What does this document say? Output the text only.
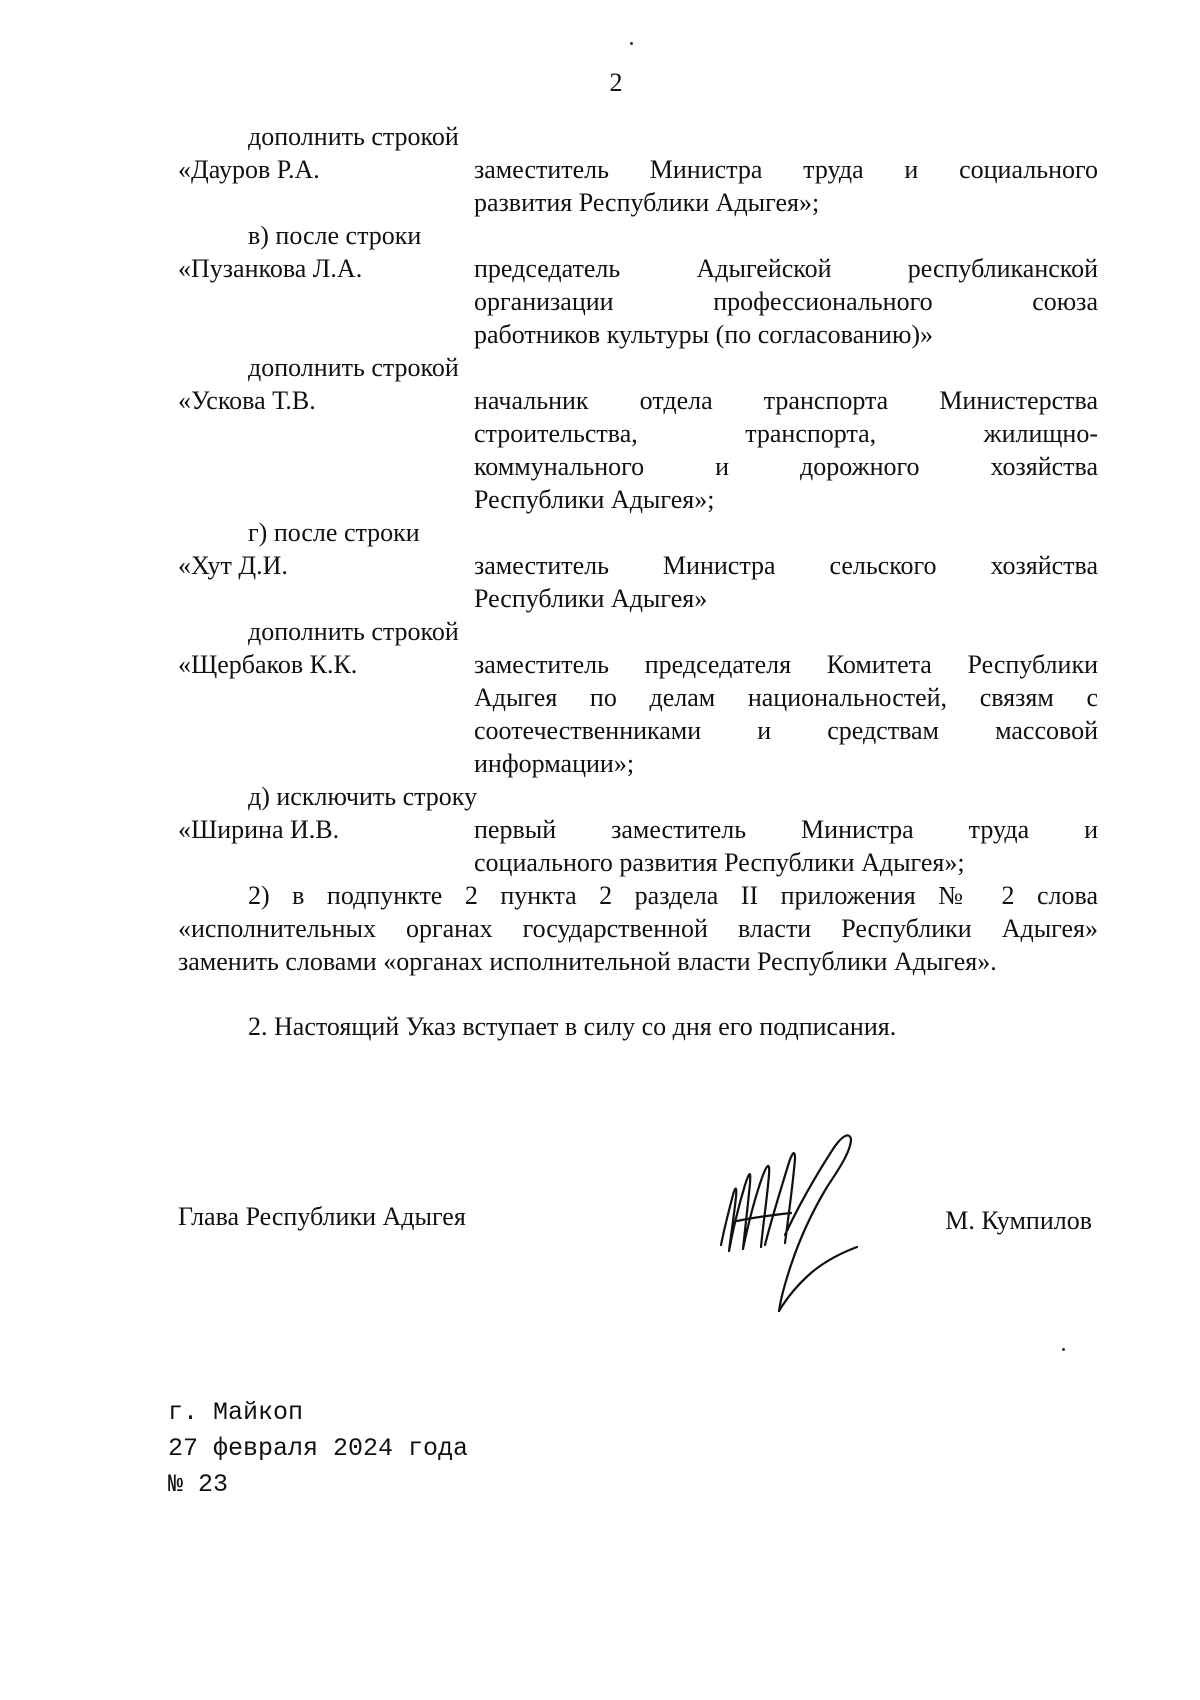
2
дополнить строкой
«Дауров Р.А.	заместитель Министра труда и социального
развития Республики Адыгея»;
в) после строки
«Пузанкова Л.А.	председатель Адыгейской республиканской
организации профессионального союза
работников культуры (по согласованию)»
дополнить строкой
«Ускова Т.В.	начальник отдела транспорта Министерства
строительства, транспорта, жилищно-
коммунального и дорожного хозяйства
Республики Адыгея»;
г) после строки
«Хут Д.И.	заместитель Министра сельского хозяйства
Республики Адыгея»
дополнить строкой
«Щербаков К.К.	заместитель председателя Комитета Республики
Адыгея по делам национальностей, связям с
соотечественниками и средствам массовой
информации»;
д) исключить строку
«Ширина И.В.	первый заместитель Министра труда и
социального развития Республики Адыгея»;
2) в подпункте 2 пункта 2 раздела II приложения № 2 слова
«исполнительных органах государственной власти Республики Адыгея»
заменить словами «органах исполнительной власти Республики Адыгея».
2. Настоящий Указ вступает в силу со дня его подписания.
Глава Республики Адыгея	М. Кумпилов
г. Майкоп
27 февраля 2024 года
№ 23
